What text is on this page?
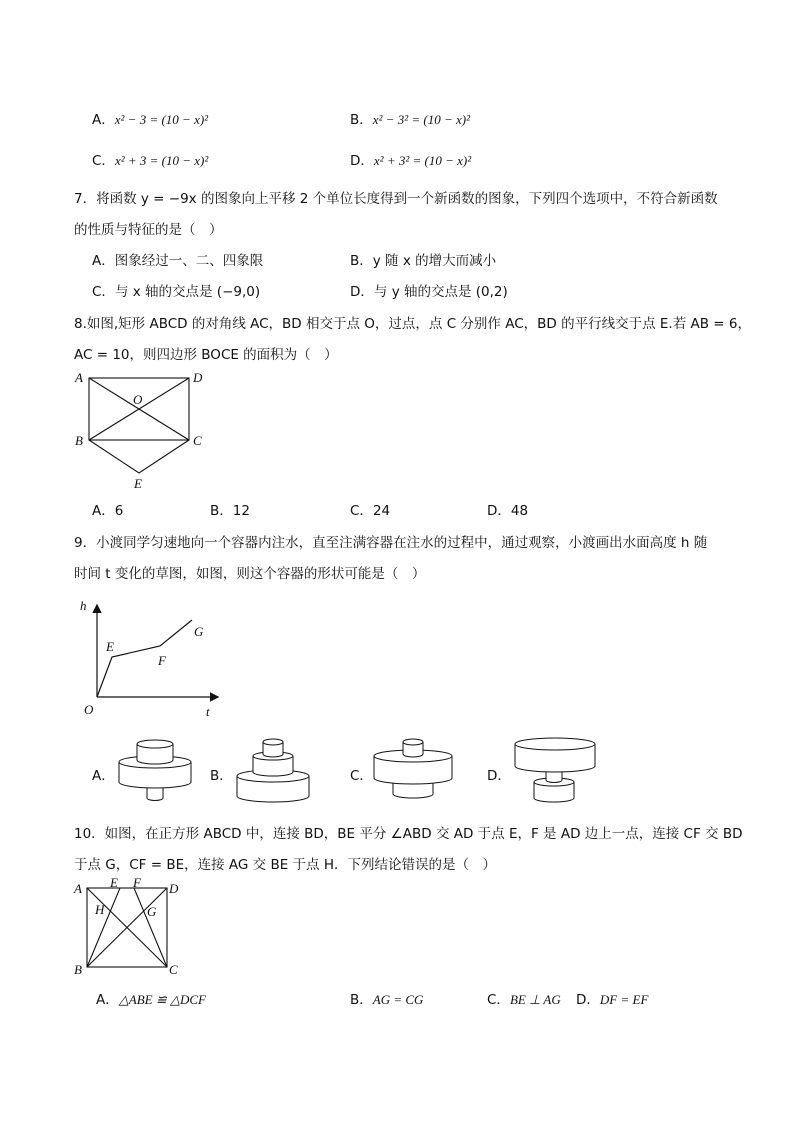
A．x² − 3 = (10 − x)²	B．x² − 3² = (10 − x)²
C．x² + 3 = (10 − x)²	D．x² + 3² = (10 − x)²
7．将函数 y = −9x 的图象向上平移 2 个单位长度得到一个新函数的图象，下列四个选项中，不符合新函数
的性质与特征的是（　）
A．图象经过一、二、四象限	B．y 随 x 的增大而减小
C．与 x 轴的交点是 (−9,0)	D．与 y 轴的交点是 (0,2)
8.如图,矩形 ABCD 的对角线 AC，BD 相交于点 O，过点，点 C 分别作 AC，BD 的平行线交于点 E.若 AB = 6，
AC = 10，则四边形 BOCE 的面积为（　）
A	D
O
B	C
E
A．6	B．12	C．24	D．48
9．小渡同学匀速地向一个容器内注水，直至注满容器在注水的过程中，通过观察，小渡画出水面高度 h 随
时间 t 变化的草图，如图，则这个容器的形状可能是（　）
h
t
O
E
F
G
A．	B．	C．	D．
10．如图，在正方形 ABCD 中，连接 BD，BE 平分 ∠ABD 交 AD 于点 E，F 是 AD 边上一点，连接 CF 交 BD
于点 G，CF = BE，连接 AG 交 BE 于点 H．下列结论错误的是（　）
A	D
E F
H	G
B	C
A．△ABE ≌ △DCF	B．AG = CG	C．BE ⊥ AG D．DF = EF
